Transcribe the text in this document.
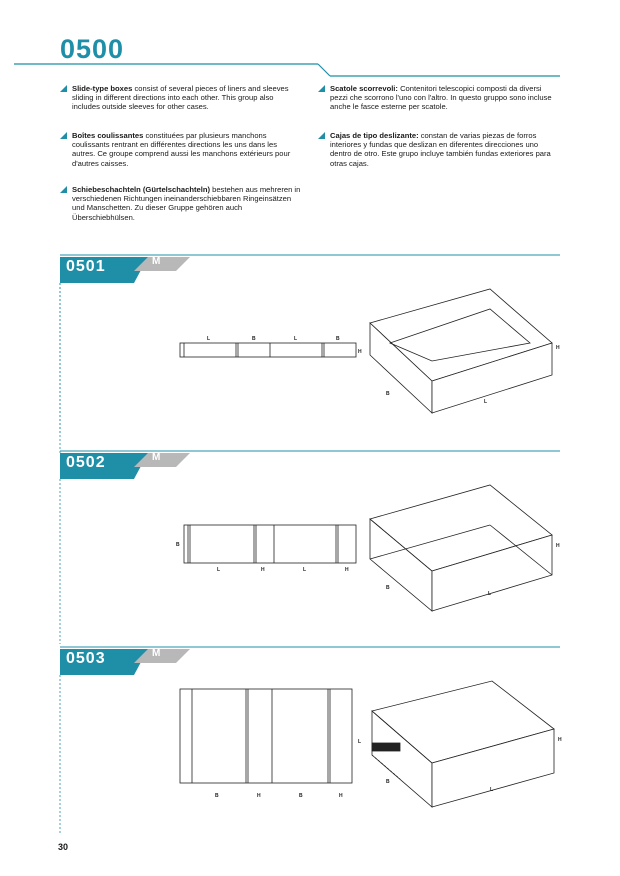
0500
Slide-type boxes consist of several pieces of liners and sleeves sliding in different directions into each other. This group also includes outside sleeves for other cases.
Boîtes coulissantes constituées par plusieurs manchons coulissants rentrant en différentes directions les uns dans les autres. Ce groupe comprend aussi les manchons extérieurs pour d'autres caisses.
Schiebeschachteln (Gürtelschachteln) bestehen aus mehreren in verschiedenen Richtungen ineinanderschiebbaren Ringeinsätzen und Manschetten. Zu dieser Gruppe gehören auch Überschiebhülsen.
Scatole scorrevoli: Contenitori telescopici composti da diversi pezzi che scorrono l'uno con l'altro. In questo gruppo sono incluse anche le fasce esterne per scatole.
Cajas de tipo deslizante: constan de varias piezas de forros interiores y fundas que deslizan en diferentes direcciones uno dentro de otro. Este grupo incluye también fundas exteriores para otras cajas.
0501	M
L	B	L	B
H
H
B
L
0502	M
B
L	H	L	H
H
B
L
0503	M
B	H	B	H
L	H
B
L
30
